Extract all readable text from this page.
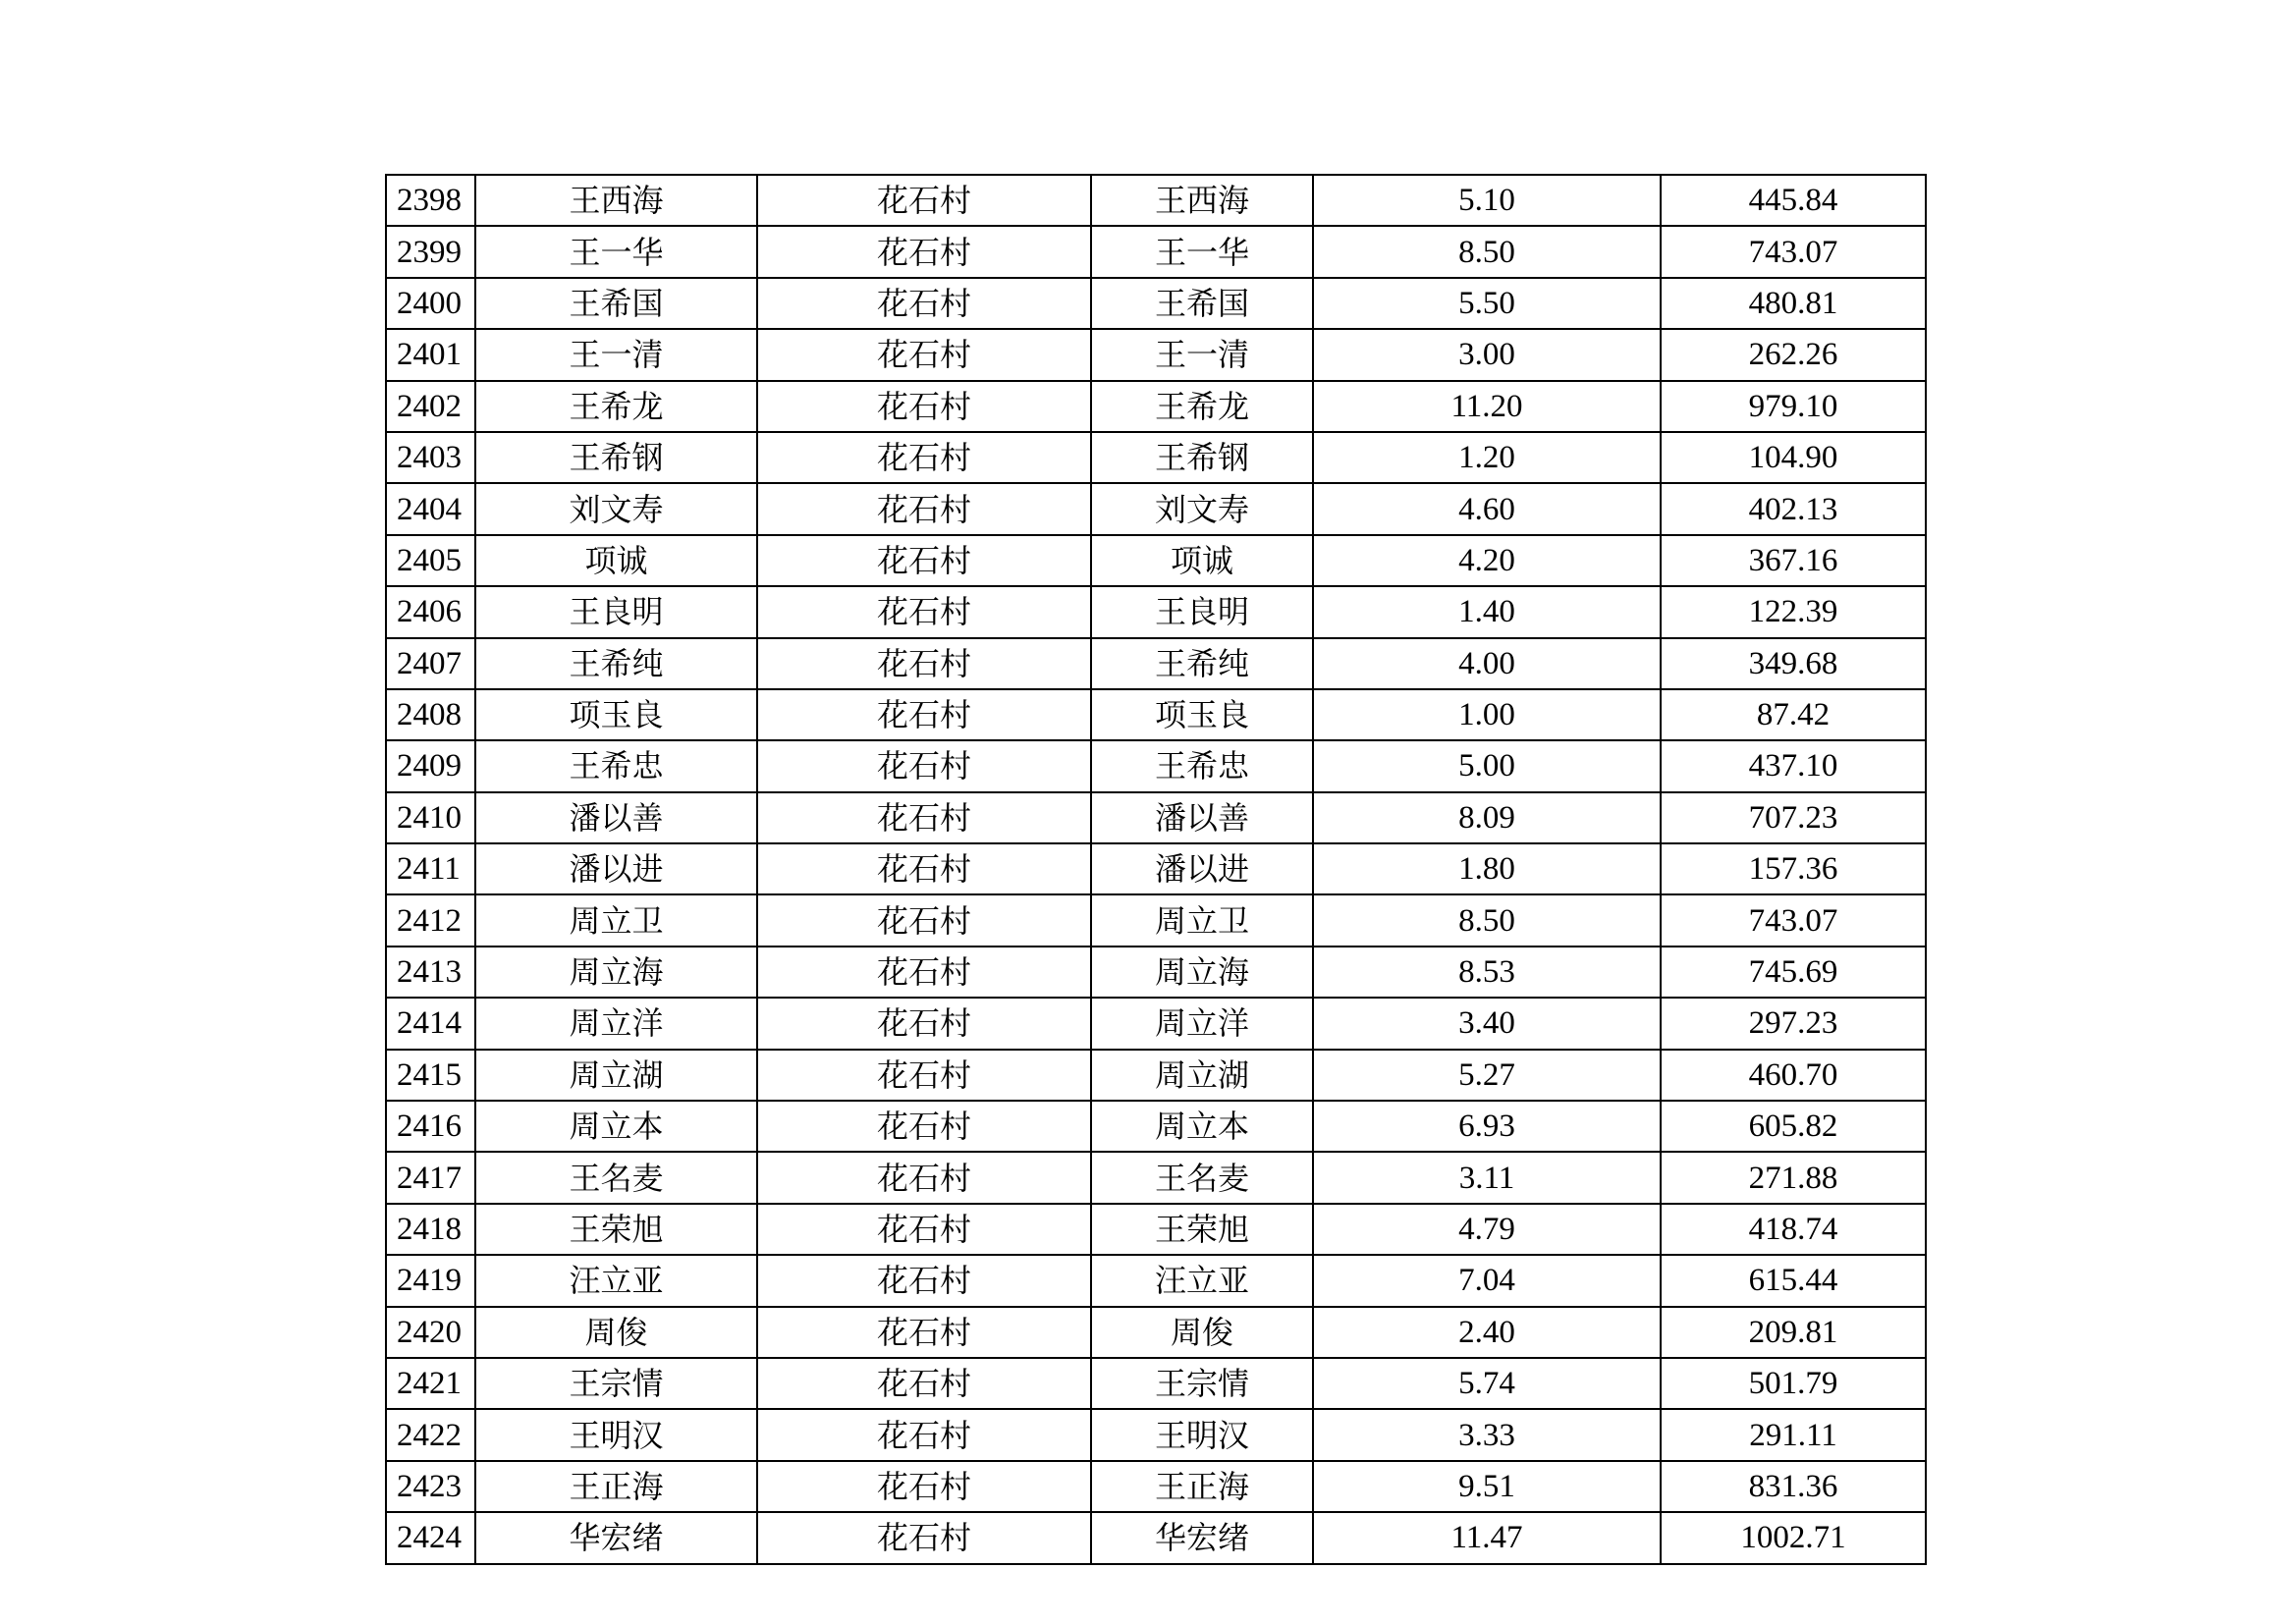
2398	王西海	花石村	王西海	5.10	445.84
2399	王一华	花石村	王一华	8.50	743.07
2400	王希国	花石村	王希国	5.50	480.81
2401	王一清	花石村	王一清	3.00	262.26
2402	王希龙	花石村	王希龙	11.20	979.10
2403	王希钢	花石村	王希钢	1.20	104.90
2404	刘文寿	花石村	刘文寿	4.60	402.13
2405	项诚	花石村	项诚	4.20	367.16
2406	王良明	花石村	王良明	1.40	122.39
2407	王希纯	花石村	王希纯	4.00	349.68
2408	项玉良	花石村	项玉良	1.00	87.42
2409	王希忠	花石村	王希忠	5.00	437.10
2410	潘以善	花石村	潘以善	8.09	707.23
2411	潘以进	花石村	潘以进	1.80	157.36
2412	周立卫	花石村	周立卫	8.50	743.07
2413	周立海	花石村	周立海	8.53	745.69
2414	周立洋	花石村	周立洋	3.40	297.23
2415	周立湖	花石村	周立湖	5.27	460.70
2416	周立本	花石村	周立本	6.93	605.82
2417	王名麦	花石村	王名麦	3.11	271.88
2418	王荣旭	花石村	王荣旭	4.79	418.74
2419	汪立亚	花石村	汪立亚	7.04	615.44
2420	周俊	花石村	周俊	2.40	209.81
2421	王宗情	花石村	王宗情	5.74	501.79
2422	王明汉	花石村	王明汉	3.33	291.11
2423	王正海	花石村	王正海	9.51	831.36
2424	华宏绪	花石村	华宏绪	11.47	1002.71
